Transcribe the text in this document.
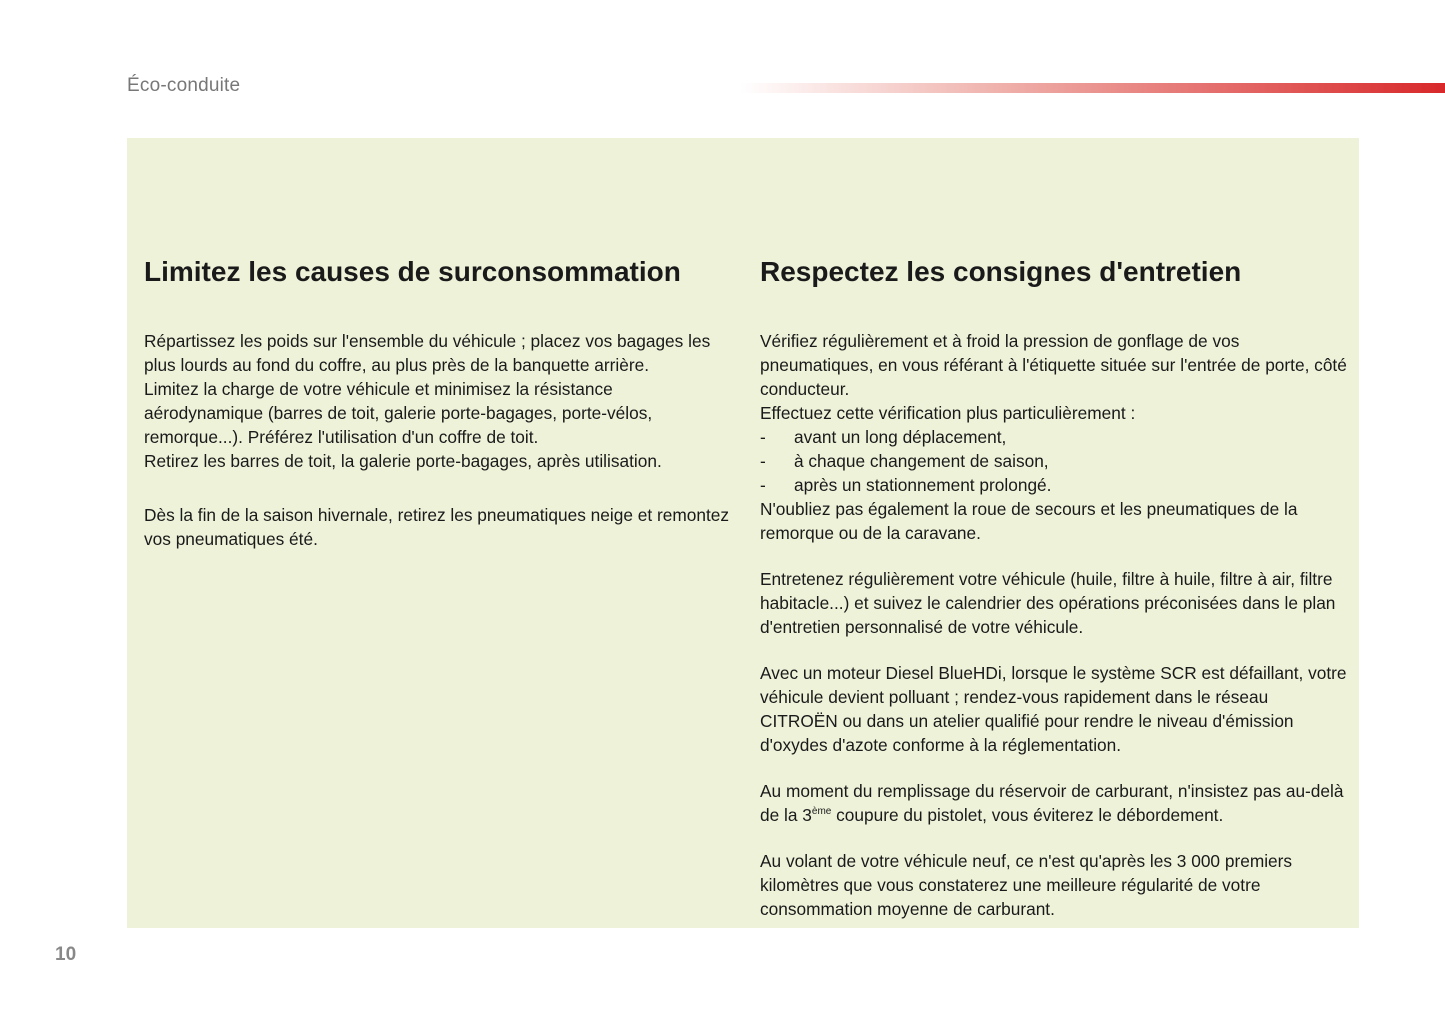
Éco-conduite
Limitez les causes de surconsommation

Répartissez les poids sur l'ensemble du véhicule ; placez vos bagages les plus lourds au fond du coffre, au plus près de la banquette arrière.

Limitez la charge de votre véhicule et minimisez la résistance aérodynamique (barres de toit, galerie porte-bagages, porte-vélos, remorque...). Préférez l'utilisation d'un coffre de toit.

Retirez les barres de toit, la galerie porte-bagages, après utilisation.

Dès la fin de la saison hivernale, retirez les pneumatiques neige et remontez vos pneumatiques été.

Respectez les consignes d'entretien

Vérifiez régulièrement et à froid la pression de gonflage de vos pneumatiques, en vous référant à l'étiquette située sur l'entrée de porte, côté conducteur.

Effectuez cette vérification plus particulièrement :

- avant un long déplacement,
- à chaque changement de saison,
- après un stationnement prolongé.

N'oubliez pas également la roue de secours et les pneumatiques de la remorque ou de la caravane.

Entretenez régulièrement votre véhicule (huile, filtre à huile, filtre à air, filtre habitacle...) et suivez le calendrier des opérations préconisées dans le plan d'entretien personnalisé de votre véhicule.

Avec un moteur Diesel BlueHDi, lorsque le système SCR est défaillant, votre véhicule devient polluant ; rendez-vous rapidement dans le réseau CITROËN ou dans un atelier qualifié pour rendre le niveau d'émission d'oxydes d'azote conforme à la réglementation.

Au moment du remplissage du réservoir de carburant, n'insistez pas au-delà de la 3ème coupure du pistolet, vous éviterez le débordement.

Au volant de votre véhicule neuf, ce n'est qu'après les 3 000 premiers kilomètres que vous constaterez une meilleure régularité de votre consommation moyenne de carburant.

10
